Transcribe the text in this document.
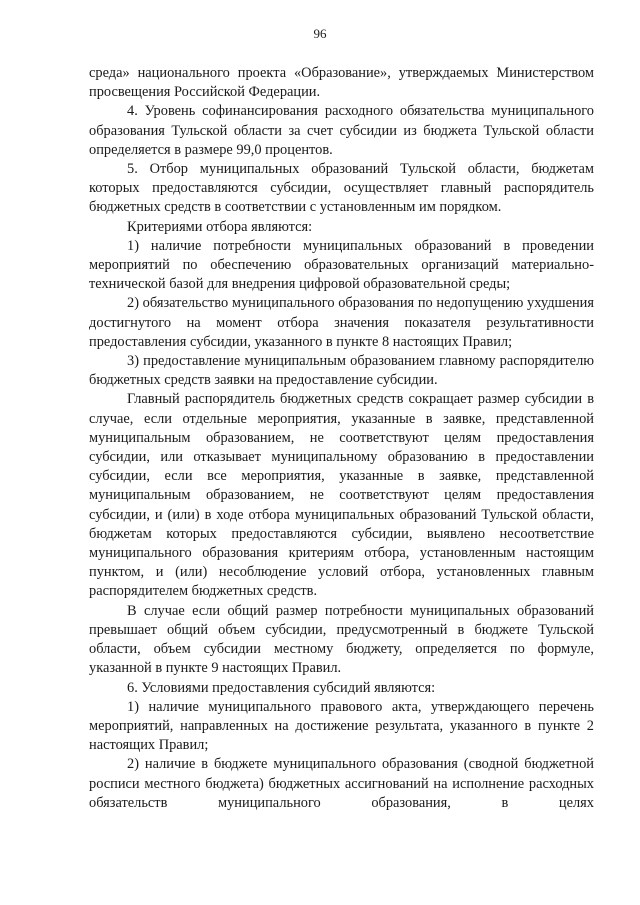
96

среда» национального проекта «Образование», утверждаемых Министерством просвещения Российской Федерации.

4. Уровень софинансирования расходного обязательства муниципального образования Тульской области за счет субсидии из бюджета Тульской области определяется в размере 99,0 процентов.

5. Отбор муниципальных образований Тульской области, бюджетам которых предоставляются субсидии, осуществляет главный распорядитель бюджетных средств в соответствии с установленным им порядком.

Критериями отбора являются:

1) наличие потребности муниципальных образований в проведении мероприятий по обеспечению образовательных организаций материально-технической базой для внедрения цифровой образовательной среды;

2) обязательство муниципального образования по недопущению ухудшения достигнутого на момент отбора значения показателя результативности предоставления субсидии, указанного в пункте 8 настоящих Правил;

3) предоставление муниципальным образованием главному распорядителю бюджетных средств заявки на предоставление субсидии.

Главный распорядитель бюджетных средств сокращает размер субсидии в случае, если отдельные мероприятия, указанные в заявке, представленной муниципальным образованием, не соответствуют целям предоставления субсидии, или отказывает муниципальному образованию в предоставлении субсидии, если все мероприятия, указанные в заявке, представленной муниципальным образованием, не соответствуют целям предоставления субсидии, и (или) в ходе отбора муниципальных образований Тульской области, бюджетам которых предоставляются субсидии, выявлено несоответствие муниципального образования критериям отбора, установленным настоящим пунктом, и (или) несоблюдение условий отбора, установленных главным распорядителем бюджетных средств.

В случае если общий размер потребности муниципальных образований превышает общий объем субсидии, предусмотренный в бюджете Тульской области, объем субсидии местному бюджету, определяется по формуле, указанной в пункте 9 настоящих Правил.

6. Условиями предоставления субсидий являются:

1) наличие муниципального правового акта, утверждающего перечень мероприятий, направленных на достижение результата, указанного в пункте 2 настоящих Правил;

2) наличие в бюджете муниципального образования (сводной бюджетной росписи местного бюджета) бюджетных ассигнований на исполнение расходных обязательств муниципального образования, в целях
